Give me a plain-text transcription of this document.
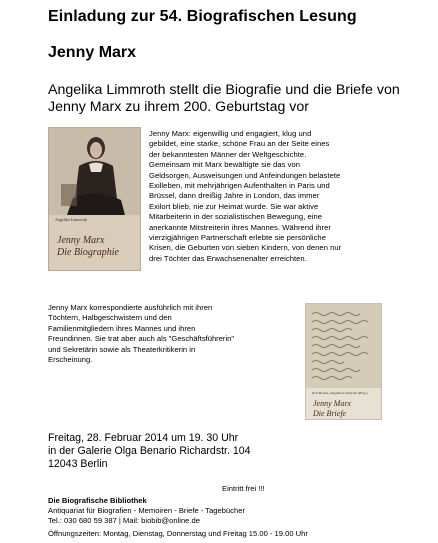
Einladung zur 54. Biografischen Lesung
Jenny Marx
Angelika Limmroth stellt die Biografie und die Briefe von Jenny Marx zu ihrem 200. Geburtstag vor
Angelika Limmroth
Jenny Marx
Die Biographie

Jenny Marx: eigenwillig und engagiert, klug und

gebildet, eine starke, schöne Frau an der Seite eines

der bekanntesten Männer der Weltgeschichte.

Gemeinsam mit Marx bewältigte sie das von

Geldsorgen, Ausweisungen und Anfeindungen belastete

Exilleben, mit mehrjährigen Aufenthalten in Paris und

Brüssel, dann dreißig Jahre in London, das immer

Exilort blieb, nie zur Heimat wurde. Sie war aktive

Mitarbeiterin in der sozialistischen Bewegung, eine

anerkannte Mitstreiterin ihres Mannes. Während ihrer

vierzigjährigen Partnerschaft erlebte sie persönliche

Krisen, die Geburten von sieben Kindern, von denen nur

drei Töchter das Erwachsenenalter erreichten.

Jenny Marx korrespondierte ausführlich mit ihren

Töchtern, Halbgeschwistern und den

Familienmitgliedern ihres Mannes und ihren

Freundinnen. Sie trat aber auch als "Geschäftsführerin"

und Sekretärin sowie als Theaterkritikerin in

Erscheinung.

Rolf Hecker, Angelika Limmroth (Hrsg.)
Jenny Marx
Die Briefe

Freitag, 28. Februar 2014 um 19. 30 Uhr

in der Galerie Olga Benario Richardstr. 104

12043 Berlin

Eintritt frei !!!

Die Biografische Bibliothek

Antiquariat für Biografien - Memoiren - Briefe - Tagebücher

Tel.: 030 680 59 387 | Mail: biobib@online.de

Öffnungszeiten: Montag, Dienstag, Donnerstag und Freitag 15.00 - 19.00 Uhr
